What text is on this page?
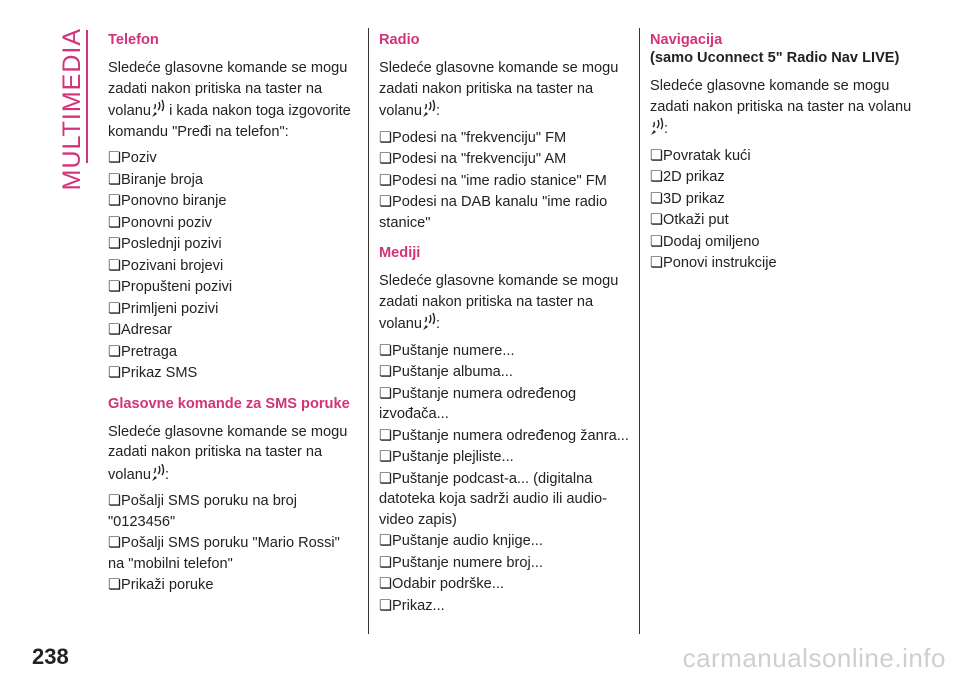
MULTIMEDIA Telefon

Sledeće glasovne komande se mogu zadati nakon pritiska na taster na volanu i kada nakon toga izgovorite komandu "Pređi na telefon":

❏Poziv
❏Biranje broja
❏Ponovno biranje
❏Ponovni poziv
❏Poslednji pozivi
❏Pozivani brojevi
❏Propušteni pozivi
❏Primljeni pozivi
❏Adresar
❏Pretraga
❏Prikaz SMS
Glasovne komande za SMS poruke

Sledeće glasovne komande se mogu zadati nakon pritiska na taster na volanu :

❏Pošalji SMS poruku na broj "0123456"
❏Pošalji SMS poruku "Mario Rossi" na "mobilni telefon"
❏Prikaži poruke
Radio

Sledeće glasovne komande se mogu zadati nakon pritiska na taster na volanu :

❏Podesi na "frekvenciju" FM
❏Podesi na "frekvenciju" AM
❏Podesi na "ime radio stanice" FM
❏Podesi na DAB kanalu "ime radio stanice"
Mediji

Sledeće glasovne komande se mogu zadati nakon pritiska na taster na volanu :

❏Puštanje numere...
❏Puštanje albuma...
❏Puštanje numera određenog izvođača...
❏Puštanje numera određenog žanra...
❏Puštanje plejliste...
❏Puštanje podcast-a... (digitalna datoteka koja sadrži audio ili audio-video zapis)
❏Puštanje audio knjige...
❏Puštanje numere broj...
❏Odabir podrške...
❏Prikaz...
Navigacija
(samo Uconnect 5" Radio Nav LIVE)

Sledeće glasovne komande se mogu zadati nakon pritiska na taster na volanu:

❏Povratak kući
❏2D prikaz
❏3D prikaz
❏Otkaži put
❏Dodaj omiljeno
❏Ponovi instrukcije
238	carmanualsonline.info
